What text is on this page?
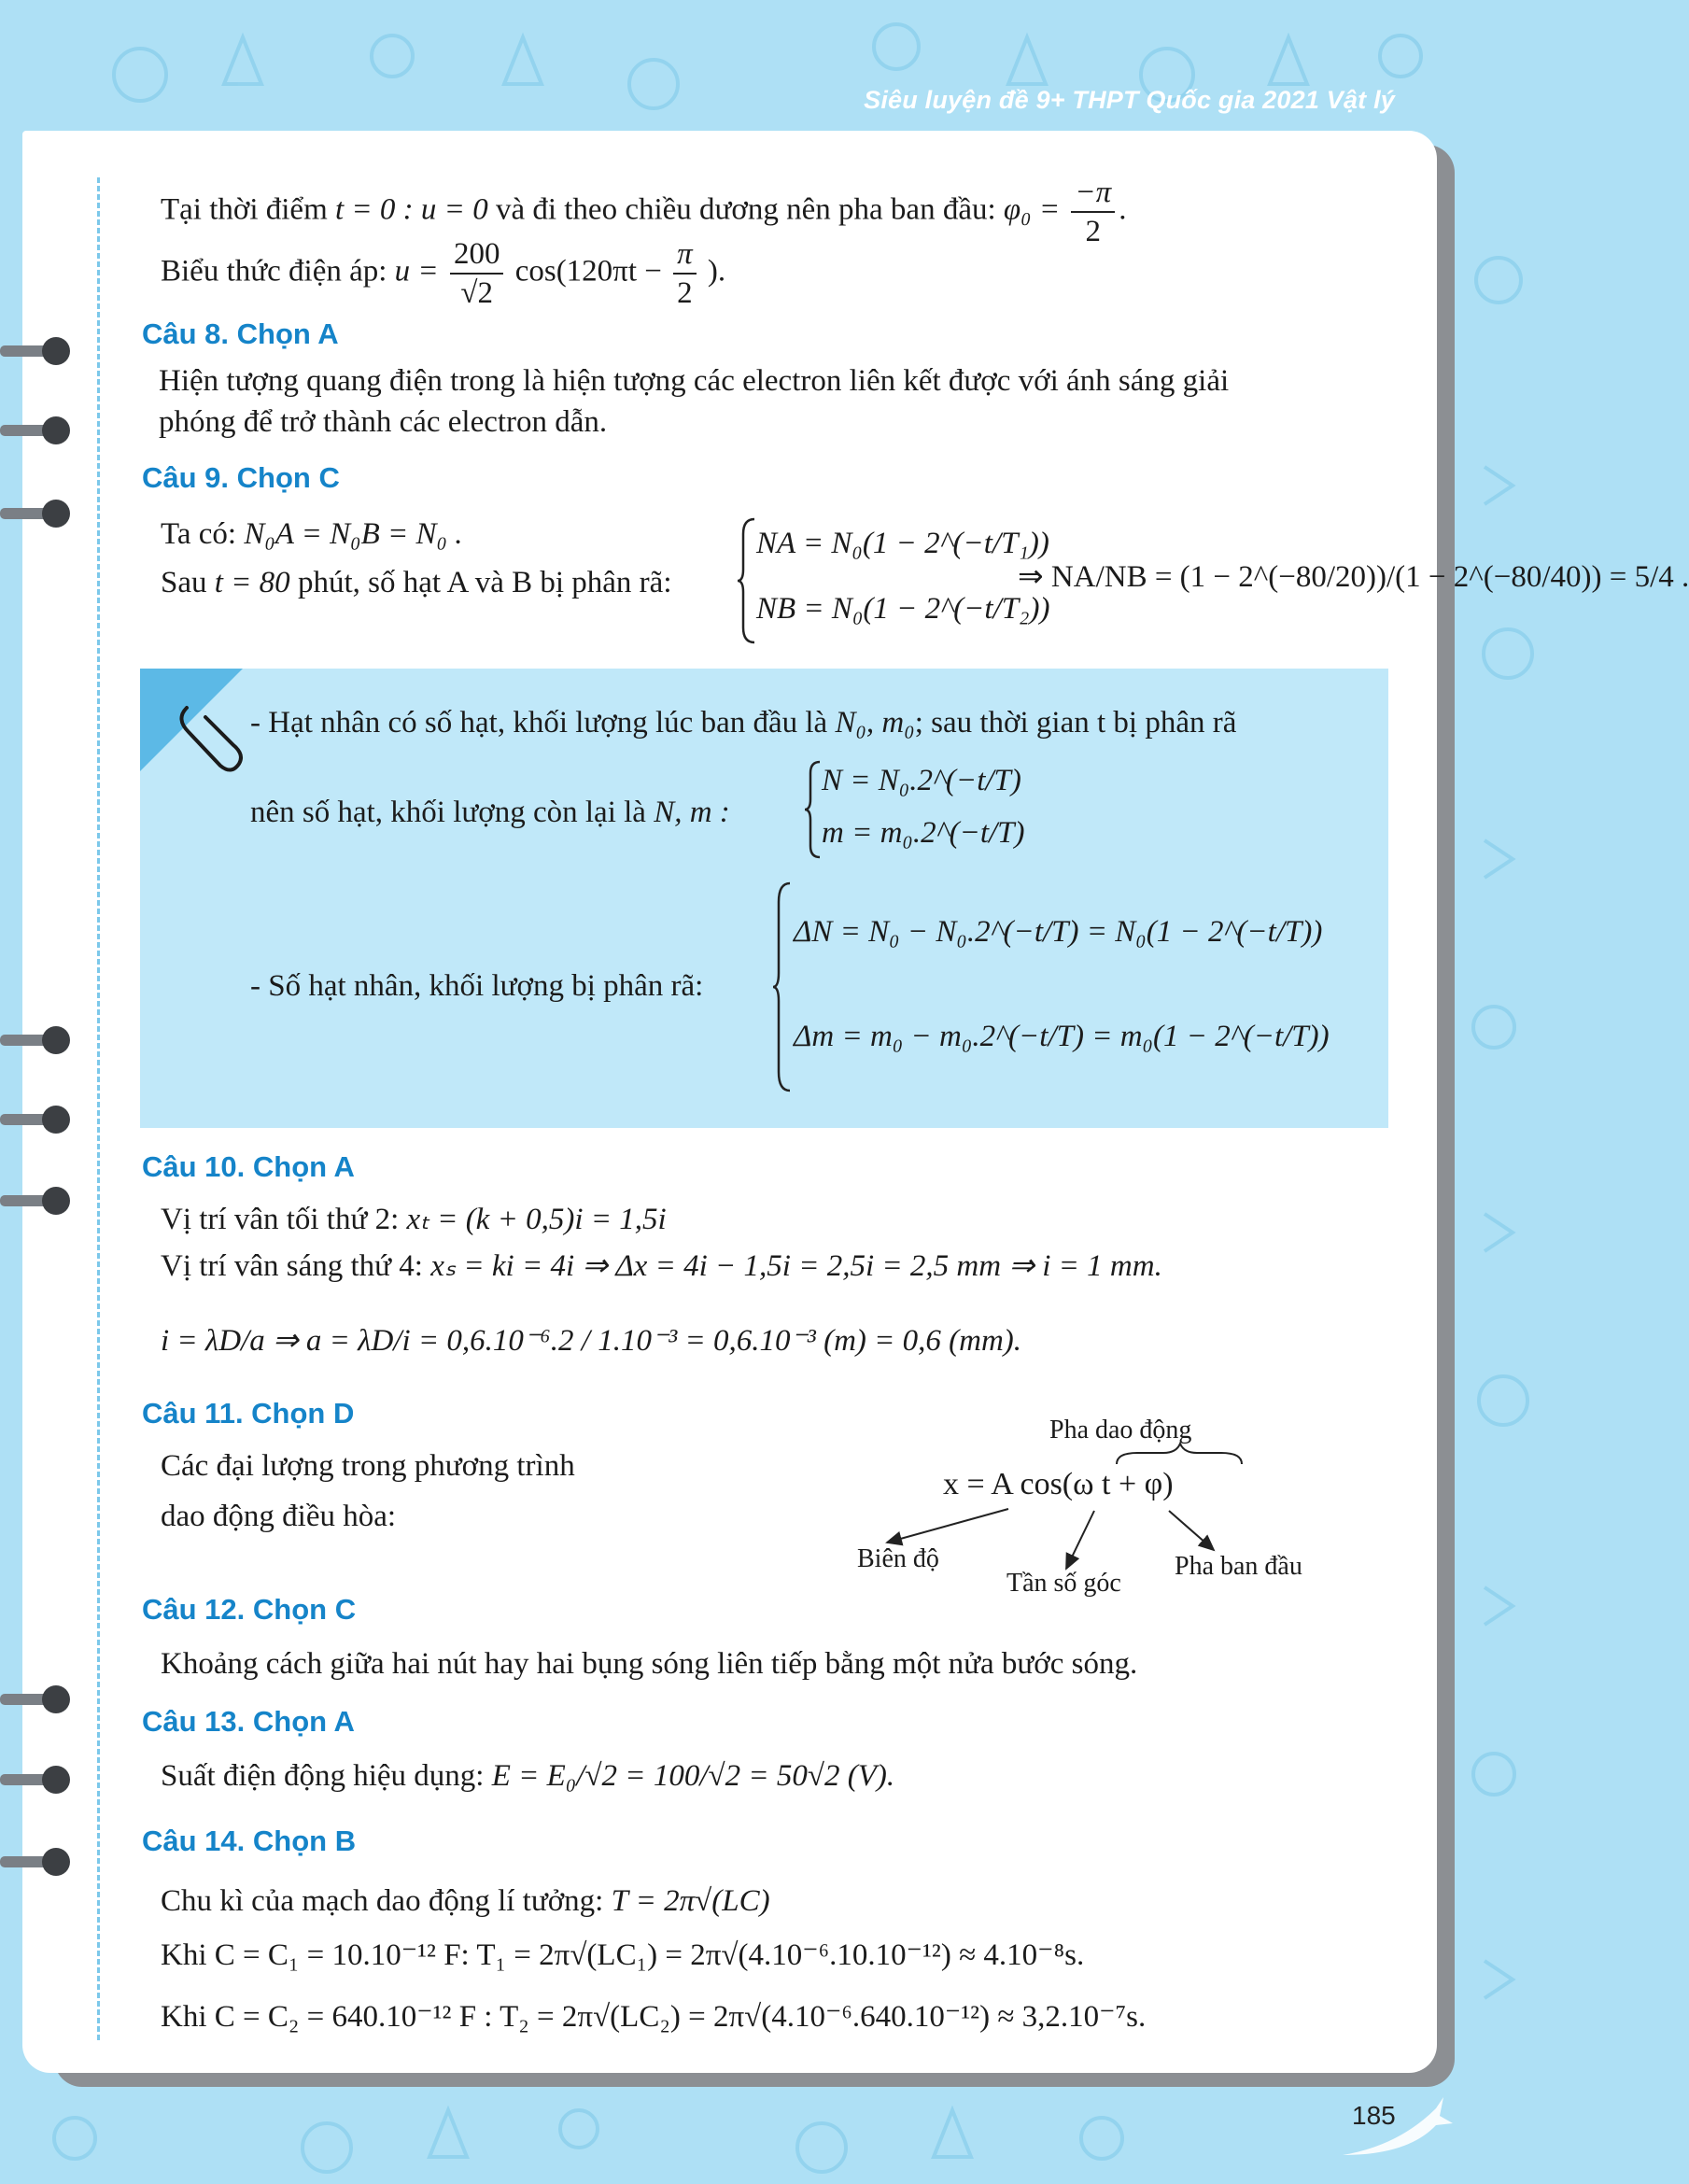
Siêu luyện đề 9+ THPT Quốc gia 2021 Vật lý
Tại thời điểm t = 0 : u = 0 và đi theo chiều dương nên pha ban đầu: $\varphi_0 = \frac{-\pi}{2}$ .
Biểu thức điện áp: $u = \frac{200}{√2} \cos(120\pi t - \frac{\pi}{2}$ ).
Câu 8. Chọn A
Hiện tượng quang điện trong là hiện tượng các electron liên kết được với ánh sáng giải
phóng để trở thành các electron dẫn.
Câu 9. Chọn C
Ta có: N₀A = N₀B = N₀ .
Sau t = 80 phút, số hạt A và B bị phân rã:
NA = N₀(1 − 2^(−t/T₁))
NB = N₀(1 − 2^(−t/T₂))
⇒ NA/NB = (1 − 2^(−80/20))/(1 − 2^(−80/40)) = 5/4 .
- Hạt nhân có số hạt, khối lượng lúc ban đầu là N₀, m₀; sau thời gian t bị phân rã
nên số hạt, khối lượng còn lại là N, m :
N = N₀.2^(−t/T)
m = m₀.2^(−t/T)
- Số hạt nhân, khối lượng bị phân rã:
ΔN = N₀ − N₀.2^(−t/T) = N₀(1 − 2^(−t/T))
Δm = m₀ − m₀.2^(−t/T) = m₀(1 − 2^(−t/T))
Câu 10. Chọn A
Vị trí vân tối thứ 2: xₜ = (k + 0,5)i = 1,5i
Vị trí vân sáng thứ 4: xₛ = ki = 4i ⇒ Δx = 4i − 1,5i = 2,5i = 2,5 mm ⇒ i = 1 mm.
i = λD/a ⇒ a = λD/i = 0,6.10⁻⁶.2 / 1.10⁻³ = 0,6.10⁻³ (m) = 0,6 (mm).
Câu 11. Chọn D
Các đại lượng trong phương trình
dao động điều hòa:
Pha dao động
x = A cos(ω t + φ)
Biên độ
Tần số góc
Pha ban đầu
Câu 12. Chọn C
Khoảng cách giữa hai nút hay hai bụng sóng liên tiếp bằng một nửa bước sóng.
Câu 13. Chọn A
Suất điện động hiệu dụng: E = E₀/√2 = 100/√2 = 50√2 (V).
Câu 14. Chọn B
Chu kì của mạch dao động lí tưởng: T = 2π√(LC)
Khi C = C₁ = 10.10⁻¹² F: T₁ = 2π√(LC₁) = 2π√(4.10⁻⁶.10.10⁻¹²) ≈ 4.10⁻⁸s.
Khi C = C₂ = 640.10⁻¹² F : T₂ = 2π√(LC₂) = 2π√(4.10⁻⁶.640.10⁻¹²) ≈ 3,2.10⁻⁷s.
185
